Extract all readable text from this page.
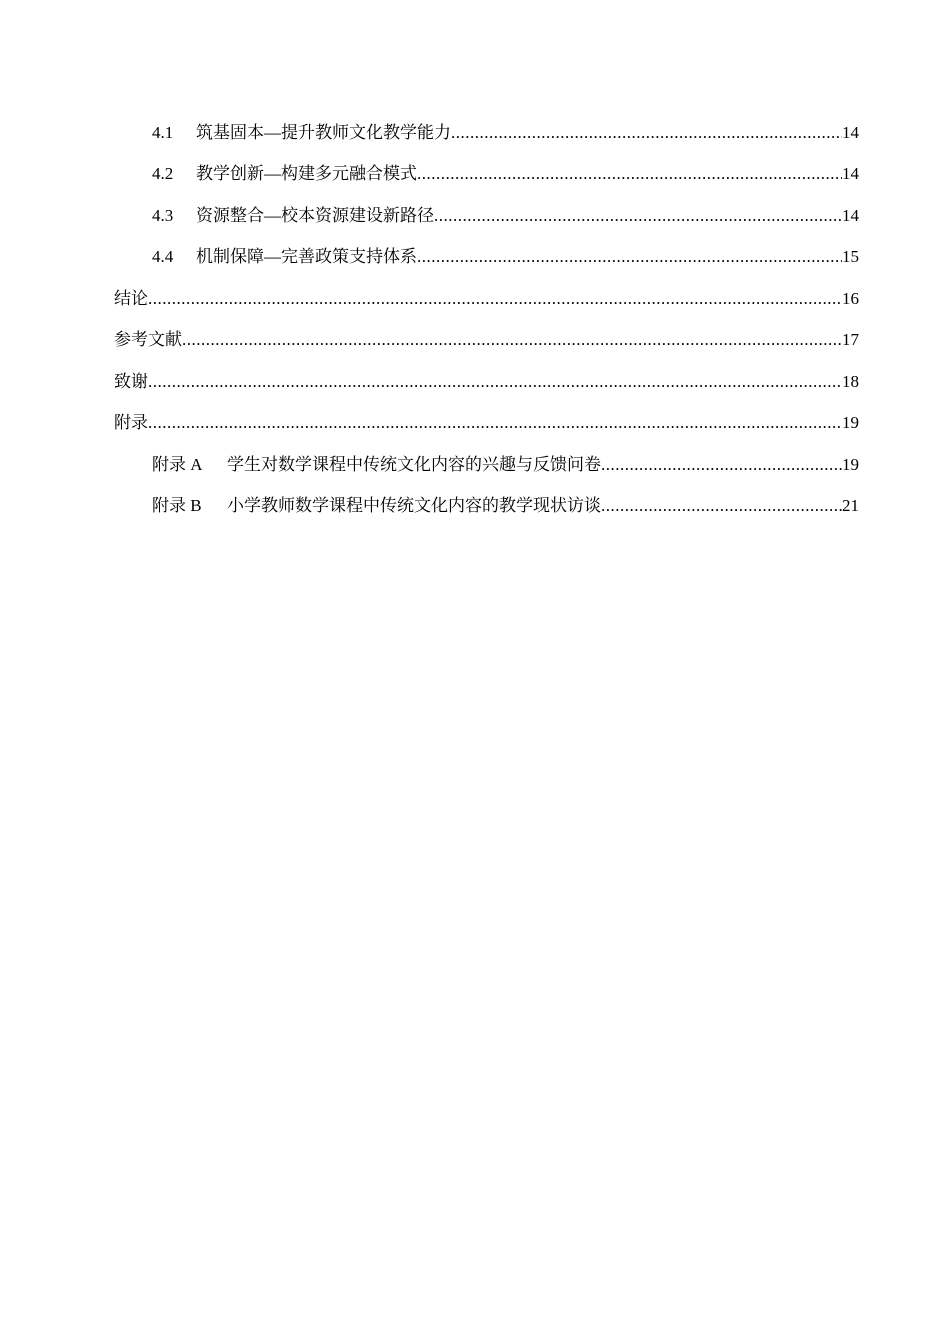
4.1	筑基固本—提升教师文化教学能力 .....	14
4.2	教学创新—构建多元融合模式 .....	14
4.3	资源整合—校本资源建设新路径 .....	14
4.4	机制保障—完善政策支持体系 .....	15
结论 .....	16
参考文献 .....	17
致谢 .....	18
附录 .....	19
附录 A	学生对数学课程中传统文化内容的兴趣与反馈问卷 .....	19
附录 B	小学教师数学课程中传统文化内容的教学现状访谈 .....	21
